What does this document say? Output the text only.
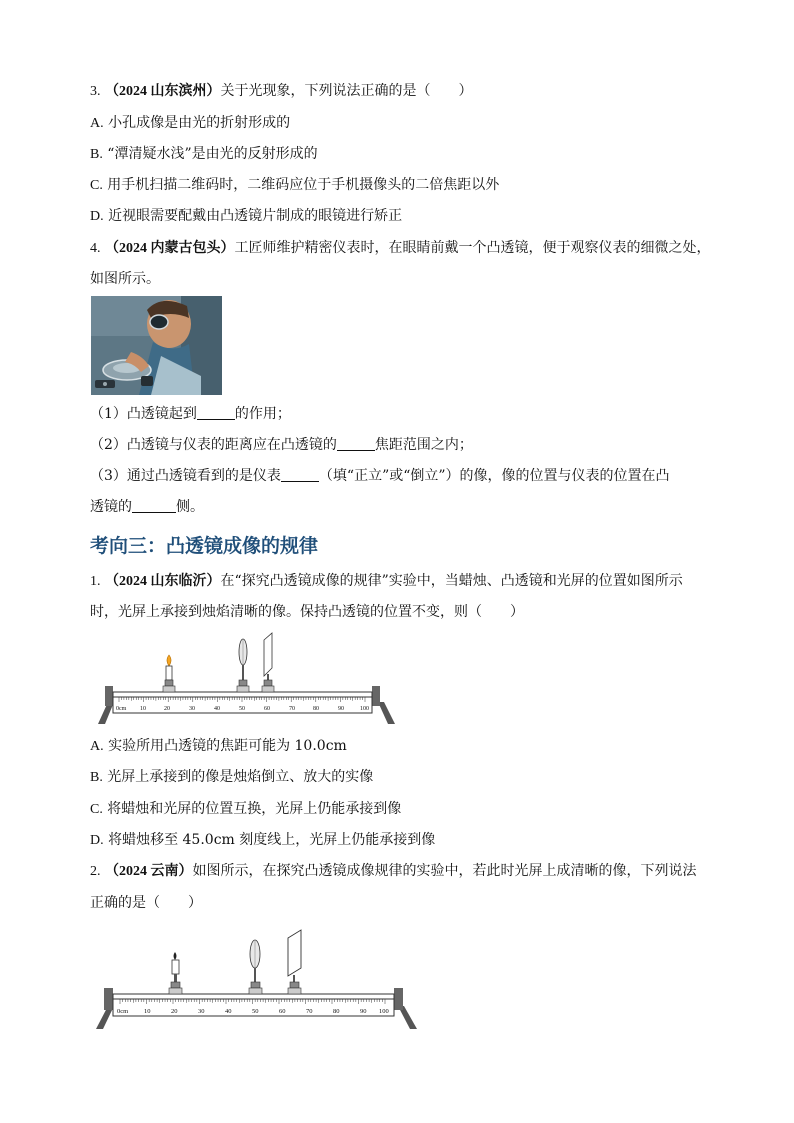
3. （2024 山东滨州）关于光现象，下列说法正确的是（　　）
A. 小孔成像是由光的折射形成的
B. “潭清疑水浅”是由光的反射形成的
C. 用手机扫描二维码时，二维码应位于手机摄像头的二倍焦距以外
D. 近视眼需要配戴由凸透镜片制成的眼镜进行矫正
4. （2024 内蒙古包头）工匠师维护精密仪表时，在眼睛前戴一个凸透镜，便于观察仪表的细微之处，
如图所示。
（1）凸透镜起到	的作用；
（2）凸透镜与仪表的距离应在凸透镜的	焦距范围之内；
（3）通过凸透镜看到的是仪表	（填“正立”或“倒立”）的像，像的位置与仪表的位置在凸
透镜的	侧。
考向三：凸透镜成像的规律
1. （2024 山东临沂）在“探究凸透镜成像的规律”实验中，当蜡烛、凸透镜和光屏的位置如图所示
时，光屏上承接到烛焰清晰的像。保持凸透镜的位置不变，则（　　）
0cm 10	20	30	40	50	60	70	80	90	100
A. 实验所用凸透镜的焦距可能为 10.0cm
B. 光屏上承接到的像是烛焰倒立、放大的实像
C. 将蜡烛和光屏的位置互换，光屏上仍能承接到像
D. 将蜡烛移至 45.0cm 刻度线上，光屏上仍能承接到像
2. （2024 云南）如图所示，在探究凸透镜成像规律的实验中，若此时光屏上成清晰的像，下列说法
正确的是（　　）
0cm 10	20	30	40	50	60	70	80	90 100
